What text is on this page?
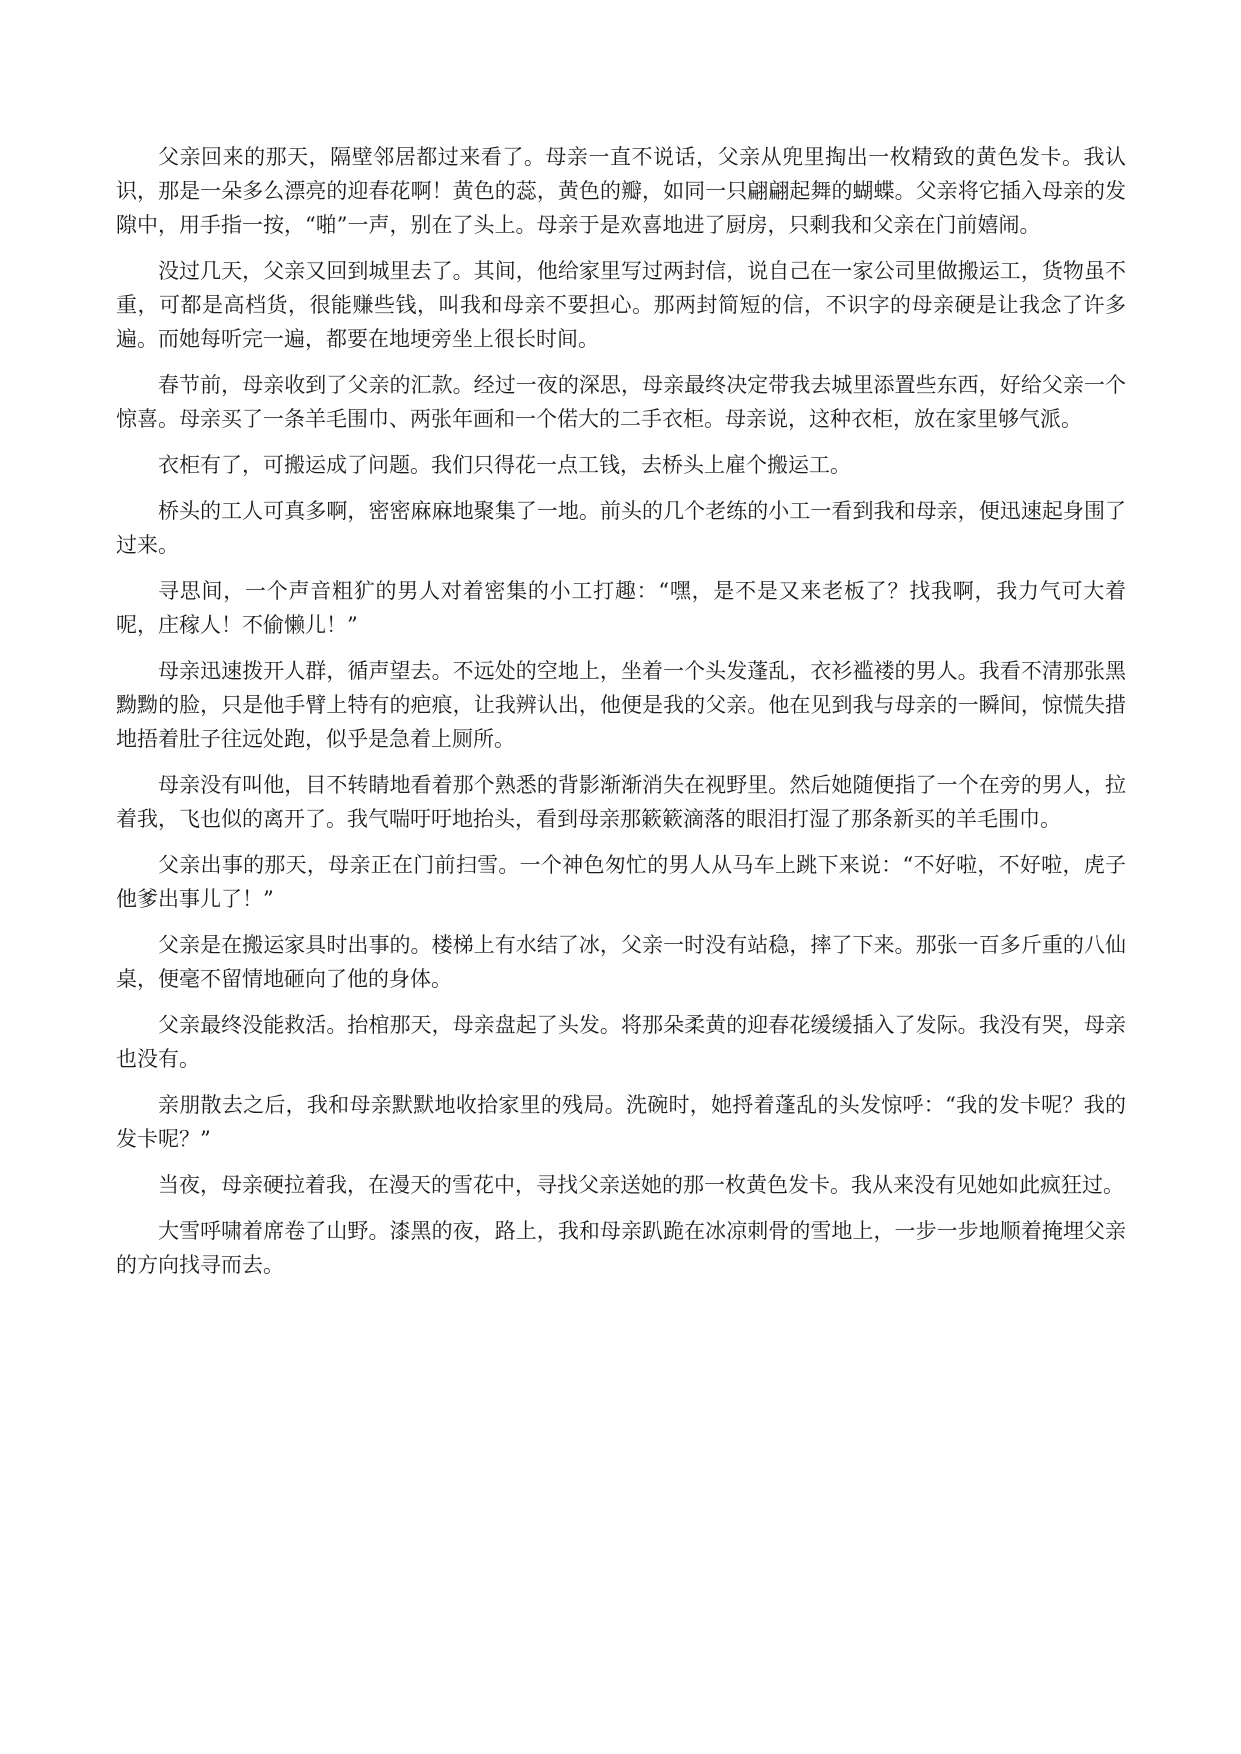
父亲回来的那天，隔壁邻居都过来看了。母亲一直不说话，父亲从兜里掏出一枚精致的黄色发卡。我认识，那是一朵多么漂亮的迎春花啊！黄色的蕊，黄色的瓣，如同一只翩翩起舞的蝴蝶。父亲将它插入母亲的发隙中，用手指一按，“啪”一声，别在了头上。母亲于是欢喜地进了厨房，只剩我和父亲在门前嬉闹。

没过几天，父亲又回到城里去了。其间，他给家里写过两封信，说自己在一家公司里做搬运工，货物虽不重，可都是高档货，很能赚些钱，叫我和母亲不要担心。那两封简短的信，不识字的母亲硬是让我念了许多遍。而她每听完一遍，都要在地埂旁坐上很长时间。

春节前，母亲收到了父亲的汇款。经过一夜的深思，母亲最终决定带我去城里添置些东西，好给父亲一个惊喜。母亲买了一条羊毛围巾、两张年画和一个偌大的二手衣柜。母亲说，这种衣柜，放在家里够气派。

衣柜有了，可搬运成了问题。我们只得花一点工钱，去桥头上雇个搬运工。

桥头的工人可真多啊，密密麻麻地聚集了一地。前头的几个老练的小工一看到我和母亲，便迅速起身围了过来。

寻思间，一个声音粗犷的男人对着密集的小工打趣：“嘿，是不是又来老板了？找我啊，我力气可大着呢，庄稼人！不偷懒儿！”

母亲迅速拨开人群，循声望去。不远处的空地上，坐着一个头发蓬乱，衣衫褴褛的男人。我看不清那张黑黝黝的脸，只是他手臂上特有的疤痕，让我辨认出，他便是我的父亲。他在见到我与母亲的一瞬间，惊慌失措地捂着肚子往远处跑，似乎是急着上厕所。

母亲没有叫他，目不转睛地看着那个熟悉的背影渐渐消失在视野里。然后她随便指了一个在旁的男人，拉着我，飞也似的离开了。我气喘吁吁地抬头，看到母亲那簌簌滴落的眼泪打湿了那条新买的羊毛围巾。

父亲出事的那天，母亲正在门前扫雪。一个神色匆忙的男人从马车上跳下来说：“不好啦，不好啦，虎子他爹出事儿了！”

父亲是在搬运家具时出事的。楼梯上有水结了冰，父亲一时没有站稳，摔了下来。那张一百多斤重的八仙桌，便毫不留情地砸向了他的身体。

父亲最终没能救活。抬棺那天，母亲盘起了头发。将那朵柔黄的迎春花缓缓插入了发际。我没有哭，母亲也没有。

亲朋散去之后，我和母亲默默地收拾家里的残局。洗碗时，她捋着蓬乱的头发惊呼：“我的发卡呢？我的发卡呢？”

当夜，母亲硬拉着我，在漫天的雪花中，寻找父亲送她的那一枚黄色发卡。我从来没有见她如此疯狂过。

大雪呼啸着席卷了山野。漆黑的夜，路上，我和母亲趴跪在冰凉刺骨的雪地上，一步一步地顺着掩埋父亲的方向找寻而去。
